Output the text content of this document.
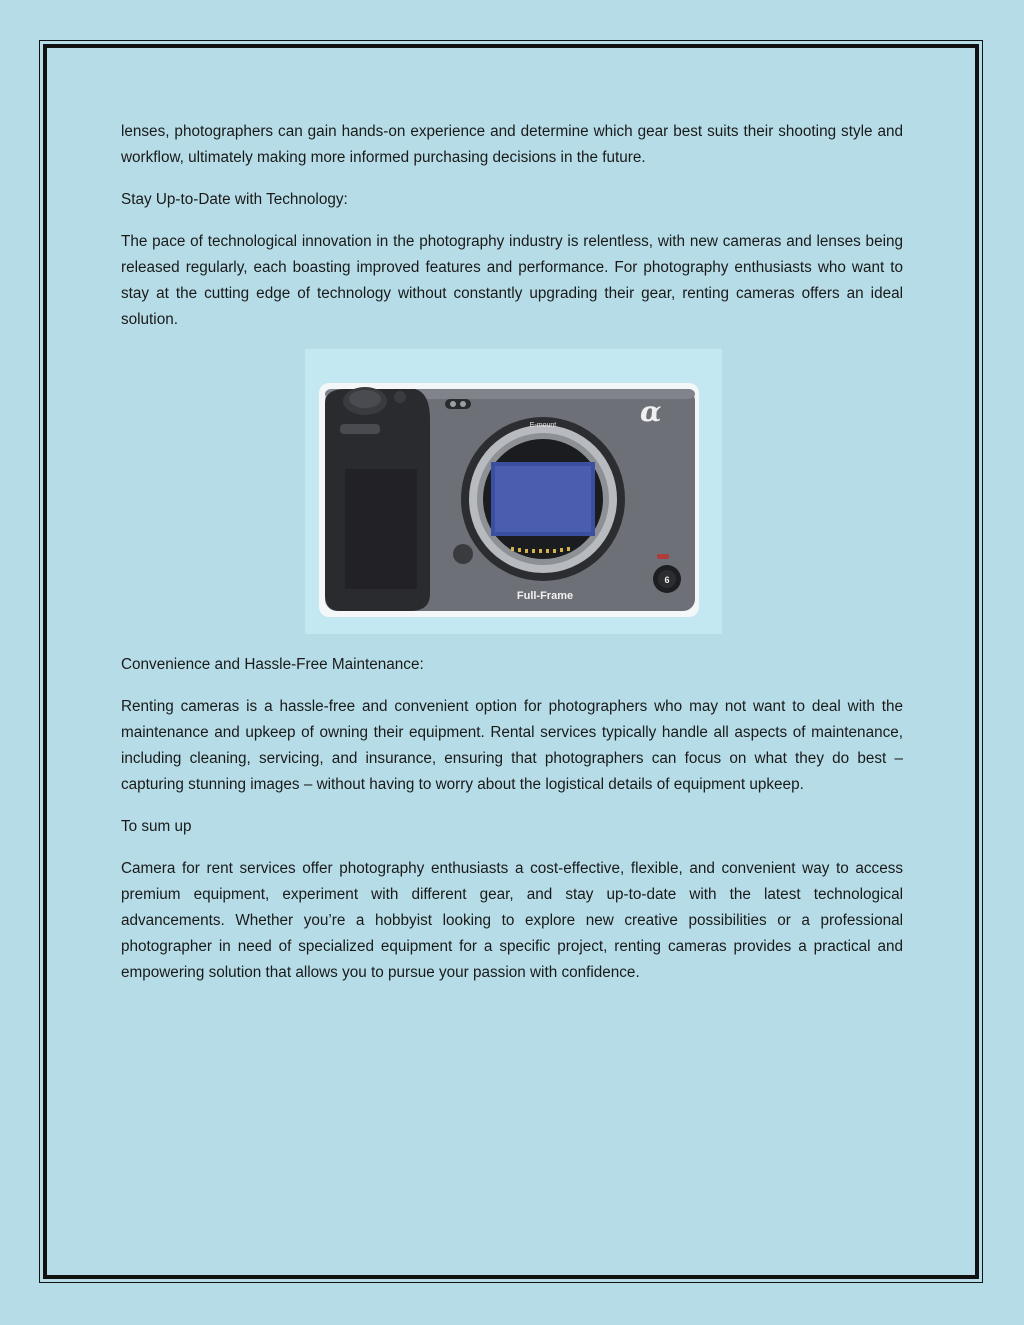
lenses, photographers can gain hands-on experience and determine which gear best suits their shooting style and workflow, ultimately making more informed purchasing decisions in the future.

Stay Up-to-Date with Technology:

The pace of technological innovation in the photography industry is relentless, with new cameras and lenses being released regularly, each boasting improved features and performance. For photography enthusiasts who want to stay at the cutting edge of technology without constantly upgrading their gear, renting cameras offers an ideal solution.

E-mount	α
6
Full-Frame

Convenience and Hassle-Free Maintenance:

Renting cameras is a hassle-free and convenient option for photographers who may not want to deal with the maintenance and upkeep of owning their equipment. Rental services typically handle all aspects of maintenance, including cleaning, servicing, and insurance, ensuring that photographers can focus on what they do best – capturing stunning images – without having to worry about the logistical details of equipment upkeep.

To sum up

Camera for rent services offer photography enthusiasts a cost-effective, flexible, and convenient way to access premium equipment, experiment with different gear, and stay up-to-date with the latest technological advancements. Whether you’re a hobbyist looking to explore new creative possibilities or a professional photographer in need of specialized equipment for a specific project, renting cameras provides a practical and empowering solution that allows you to pursue your passion with confidence.
